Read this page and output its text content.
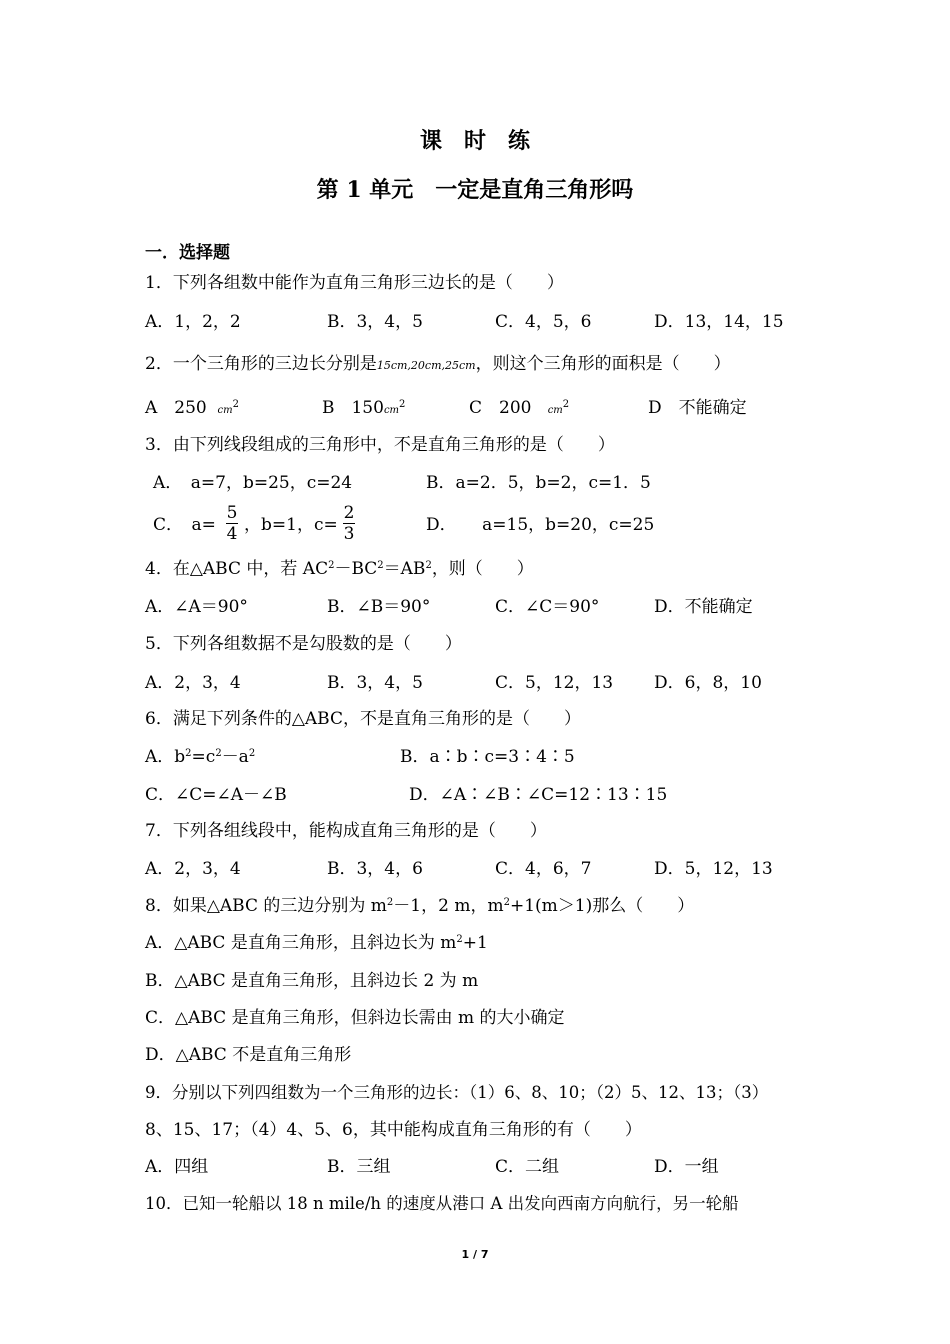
课　时　练
第 1 单元　一定是直角三角形吗
一．选择题
1．下列各组数中能作为直角三角形三边长的是（　　）
A．1，2，2	B．3，4，5	C．4，5，6	D．13，14，15
2．一个三角形的三边长分别是15cm,20cm,25cm，则这个三角形的面积是（　　）
A　250 $cm^2$	B　$150cm^2$	C　200 $cm^2$	D　不能确定
3．由下列线段组成的三角形中，不是直角三角形的是（　　）
A．　a=7，b=25，c=24	B．a=2．5，b=2，c=1．5
C．　a=
5
4 ，b=1，c=
2
3	D．　　a=15，b=20，c=25
4．在△ABC 中，若 $AC^2-BC^2=AB^2$，则（　　）
A．∠A＝90°	B．∠B＝90°	C．∠C＝90°	D．不能确定
5．下列各组数据不是勾股数的是（　　）
A．2，3，4	B．3，4，5	C．5，12，13 D．6，8，10
6．满足下列条件的△ABC，不是直角三角形的是（　　）
A．$b^2=c^2-a^2$	B．a∶b∶c=3∶4∶5
C．∠C=∠A－∠B	D．∠A∶∠B∶∠C=12∶13∶15
7．下列各组线段中，能构成直角三角形的是（　　）
A．2，3，4	B．3，4，6	C．4，6，7	D．5，12，13
8．如果△ABC 的三边分别为 $m^2-1$，2 m，$m^2+1(m>1)$那么（　　）
A．△ABC 是直角三角形，且斜边长为 $m^2+1$
B．△ABC 是直角三角形，且斜边长 2 为 m
C．△ABC 是直角三角形，但斜边长需由 m 的大小确定
D．△ABC 不是直角三角形
9．分别以下列四组数为一个三角形的边长：（1）6、8、10；（2）5、12、13；（3）
8、15、17；（4）4、5、6，其中能构成直角三角形的有（　　）
A．四组	B．三组	C．二组	D．一组
10．已知一轮船以 18 n mile/h 的速度从港口 A 出发向西南方向航行，另一轮船
1 / 7
